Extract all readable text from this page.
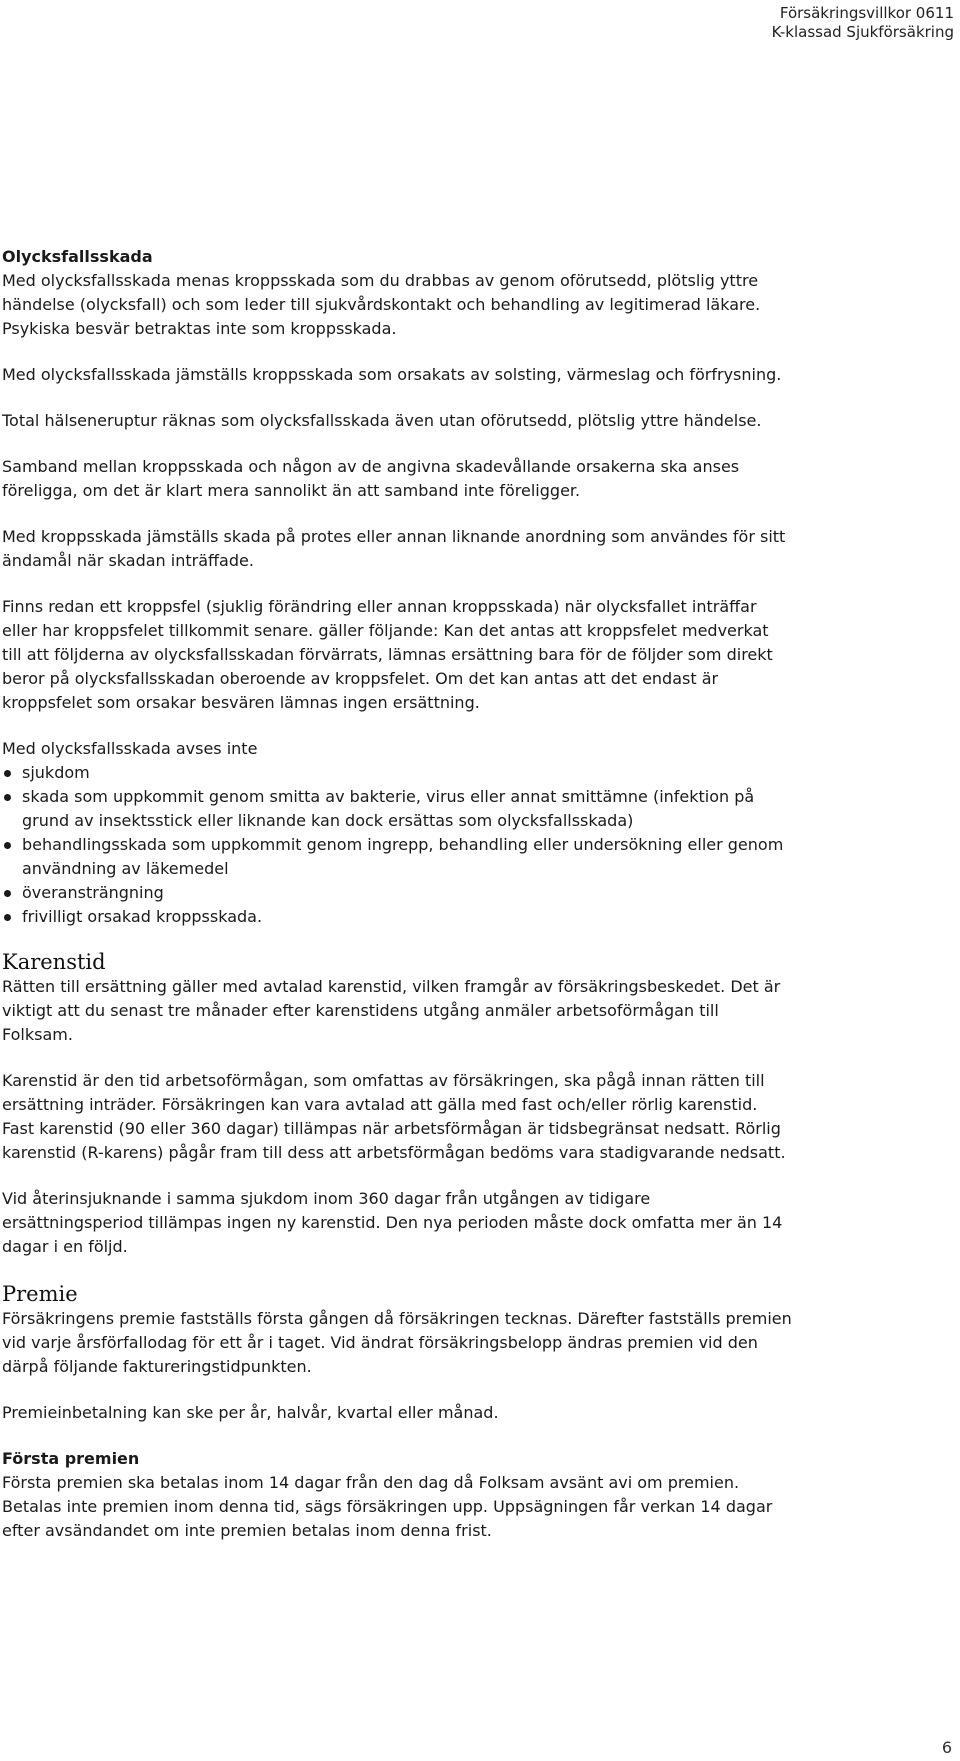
Försäkringsvillkor 0611
K-klassad Sjukförsäkring
Olycksfallsskada

Med olycksfallsskada menas kroppsskada som du drabbas av genom oförutsedd, plötslig yttre händelse (olycksfall) och som leder till sjukvårdskontakt och behandling av legitimerad läkare. Psykiska besvär betraktas inte som kroppsskada.

Med olycksfallsskada jämställs kroppsskada som orsakats av solsting, värmeslag och förfrysning.

Total hälseneruptur räknas som olycksfallsskada även utan oförutsedd, plötslig yttre händelse.

Samband mellan kroppsskada och någon av de angivna skadevållande orsakerna ska anses föreligga, om det är klart mera sannolikt än att samband inte föreligger.

Med kroppsskada jämställs skada på protes eller annan liknande anordning som användes för sitt ändamål när skadan inträffade.

Finns redan ett kroppsfel (sjuklig förändring eller annan kroppsskada) när olycksfallet inträffar eller har kroppsfelet tillkommit senare. gäller följande: Kan det antas att kroppsfelet medverkat till att följderna av olycksfallsskadan förvärrats, lämnas ersättning bara för de följder som direkt beror på olycksfallsskadan oberoende av kroppsfelet. Om det kan antas att det endast är kroppsfelet som orsakar besvären lämnas ingen ersättning.

Med olycksfallsskada avses inte
sjukdom
skada som uppkommit genom smitta av bakterie, virus eller annat smittämne (infektion på grund av insektsstick eller liknande kan dock ersättas som olycksfallsskada)
behandlingsskada som uppkommit genom ingrepp, behandling eller undersökning eller genom användning av läkemedel
överansträngning
frivilligt orsakad kroppsskada.
Karenstid

Rätten till ersättning gäller med avtalad karenstid, vilken framgår av försäkringsbeskedet. Det är viktigt att du senast tre månader efter karenstidens utgång anmäler arbetsoförmågan till Folksam.

Karenstid är den tid arbetsoförmågan, som omfattas av försäkringen, ska pågå innan rätten till ersättning inträder. Försäkringen kan vara avtalad att gälla med fast och/eller rörlig karenstid. Fast karenstid (90 eller 360 dagar) tillämpas när arbetsförmågan är tidsbegränsat nedsatt. Rörlig karenstid (R-karens) pågår fram till dess att arbetsförmågan bedöms vara stadigvarande nedsatt.

Vid återinsjuknande i samma sjukdom inom 360 dagar från utgången av tidigare ersättningsperiod tillämpas ingen ny karenstid. Den nya perioden måste dock omfatta mer än 14 dagar i en följd.

Premie

Försäkringens premie fastställs första gången då försäkringen tecknas. Därefter fastställs premien vid varje årsförfallodag för ett år i taget. Vid ändrat försäkringsbelopp ändras premien vid den därpå följande faktureringstidpunkten.

Premieinbetalning kan ske per år, halvår, kvartal eller månad.

Första premien

Första premien ska betalas inom 14 dagar från den dag då Folksam avsänt avi om premien. Betalas inte premien inom denna tid, sägs försäkringen upp. Uppsägningen får verkan 14 dagar efter avsändandet om inte premien betalas inom denna frist.

6
